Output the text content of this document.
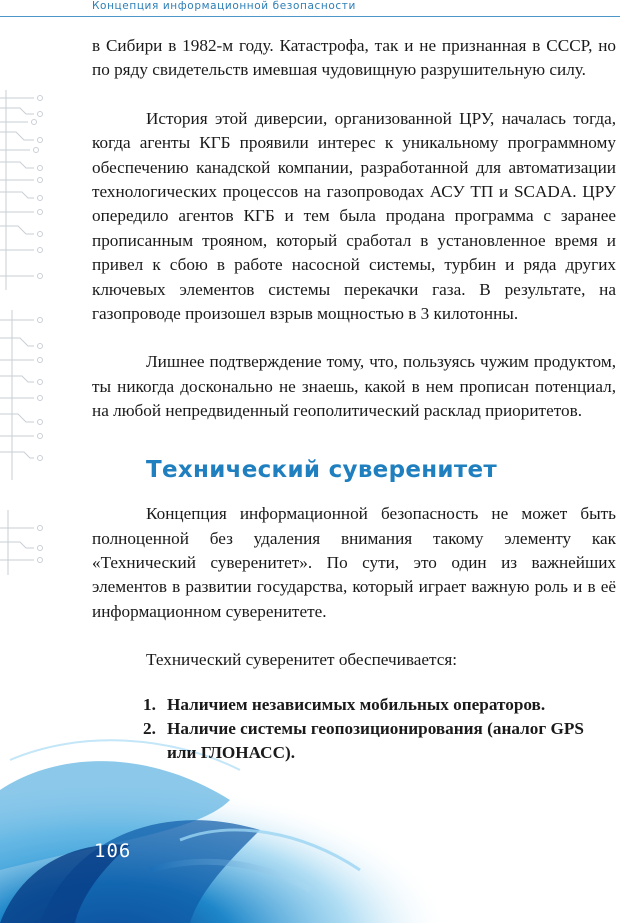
Концепция информационной безопасности

в Сибири в 1982-м году. Катастрофа, так и не признанная в СССР, но по ряду свидетельств имевшая чудовищную разрушительную силу.

История этой диверсии, организованной ЦРУ, началась тогда, когда агенты КГБ проявили интерес к уникальному программному обеспечению канадской компании, разработанной для автоматизации технологических процессов на газопроводах АСУ ТП и SCADA. ЦРУ опередило агентов КГБ и тем была продана программа с заранее прописанным трояном, который сработал в установленное время и привел к сбою в работе насосной системы, турбин и ряда других ключевых элементов системы перекачки газа. В результате, на газопроводе произошел взрыв мощностью в 3 килотонны.

Лишнее подтверждение тому, что, пользуясь чужим продуктом, ты никогда досконально не знаешь, какой в нем прописан потенциал, на любой непредвиденный геополитический расклад приоритетов.

Технический суверенитет

Концепция информационной безопасность не может быть полноценной без удаления внимания такому элементу как «Технический суверенитет». По сути, это один из важнейших элементов в развитии государства, который играет важную роль и в её информационном суверенитете.

Технический суверенитет обеспечивается:

1. Наличием независимых мобильных операторов.
2. Наличие системы геопозиционирования (аналог GPS или ГЛОНАСС).
106
